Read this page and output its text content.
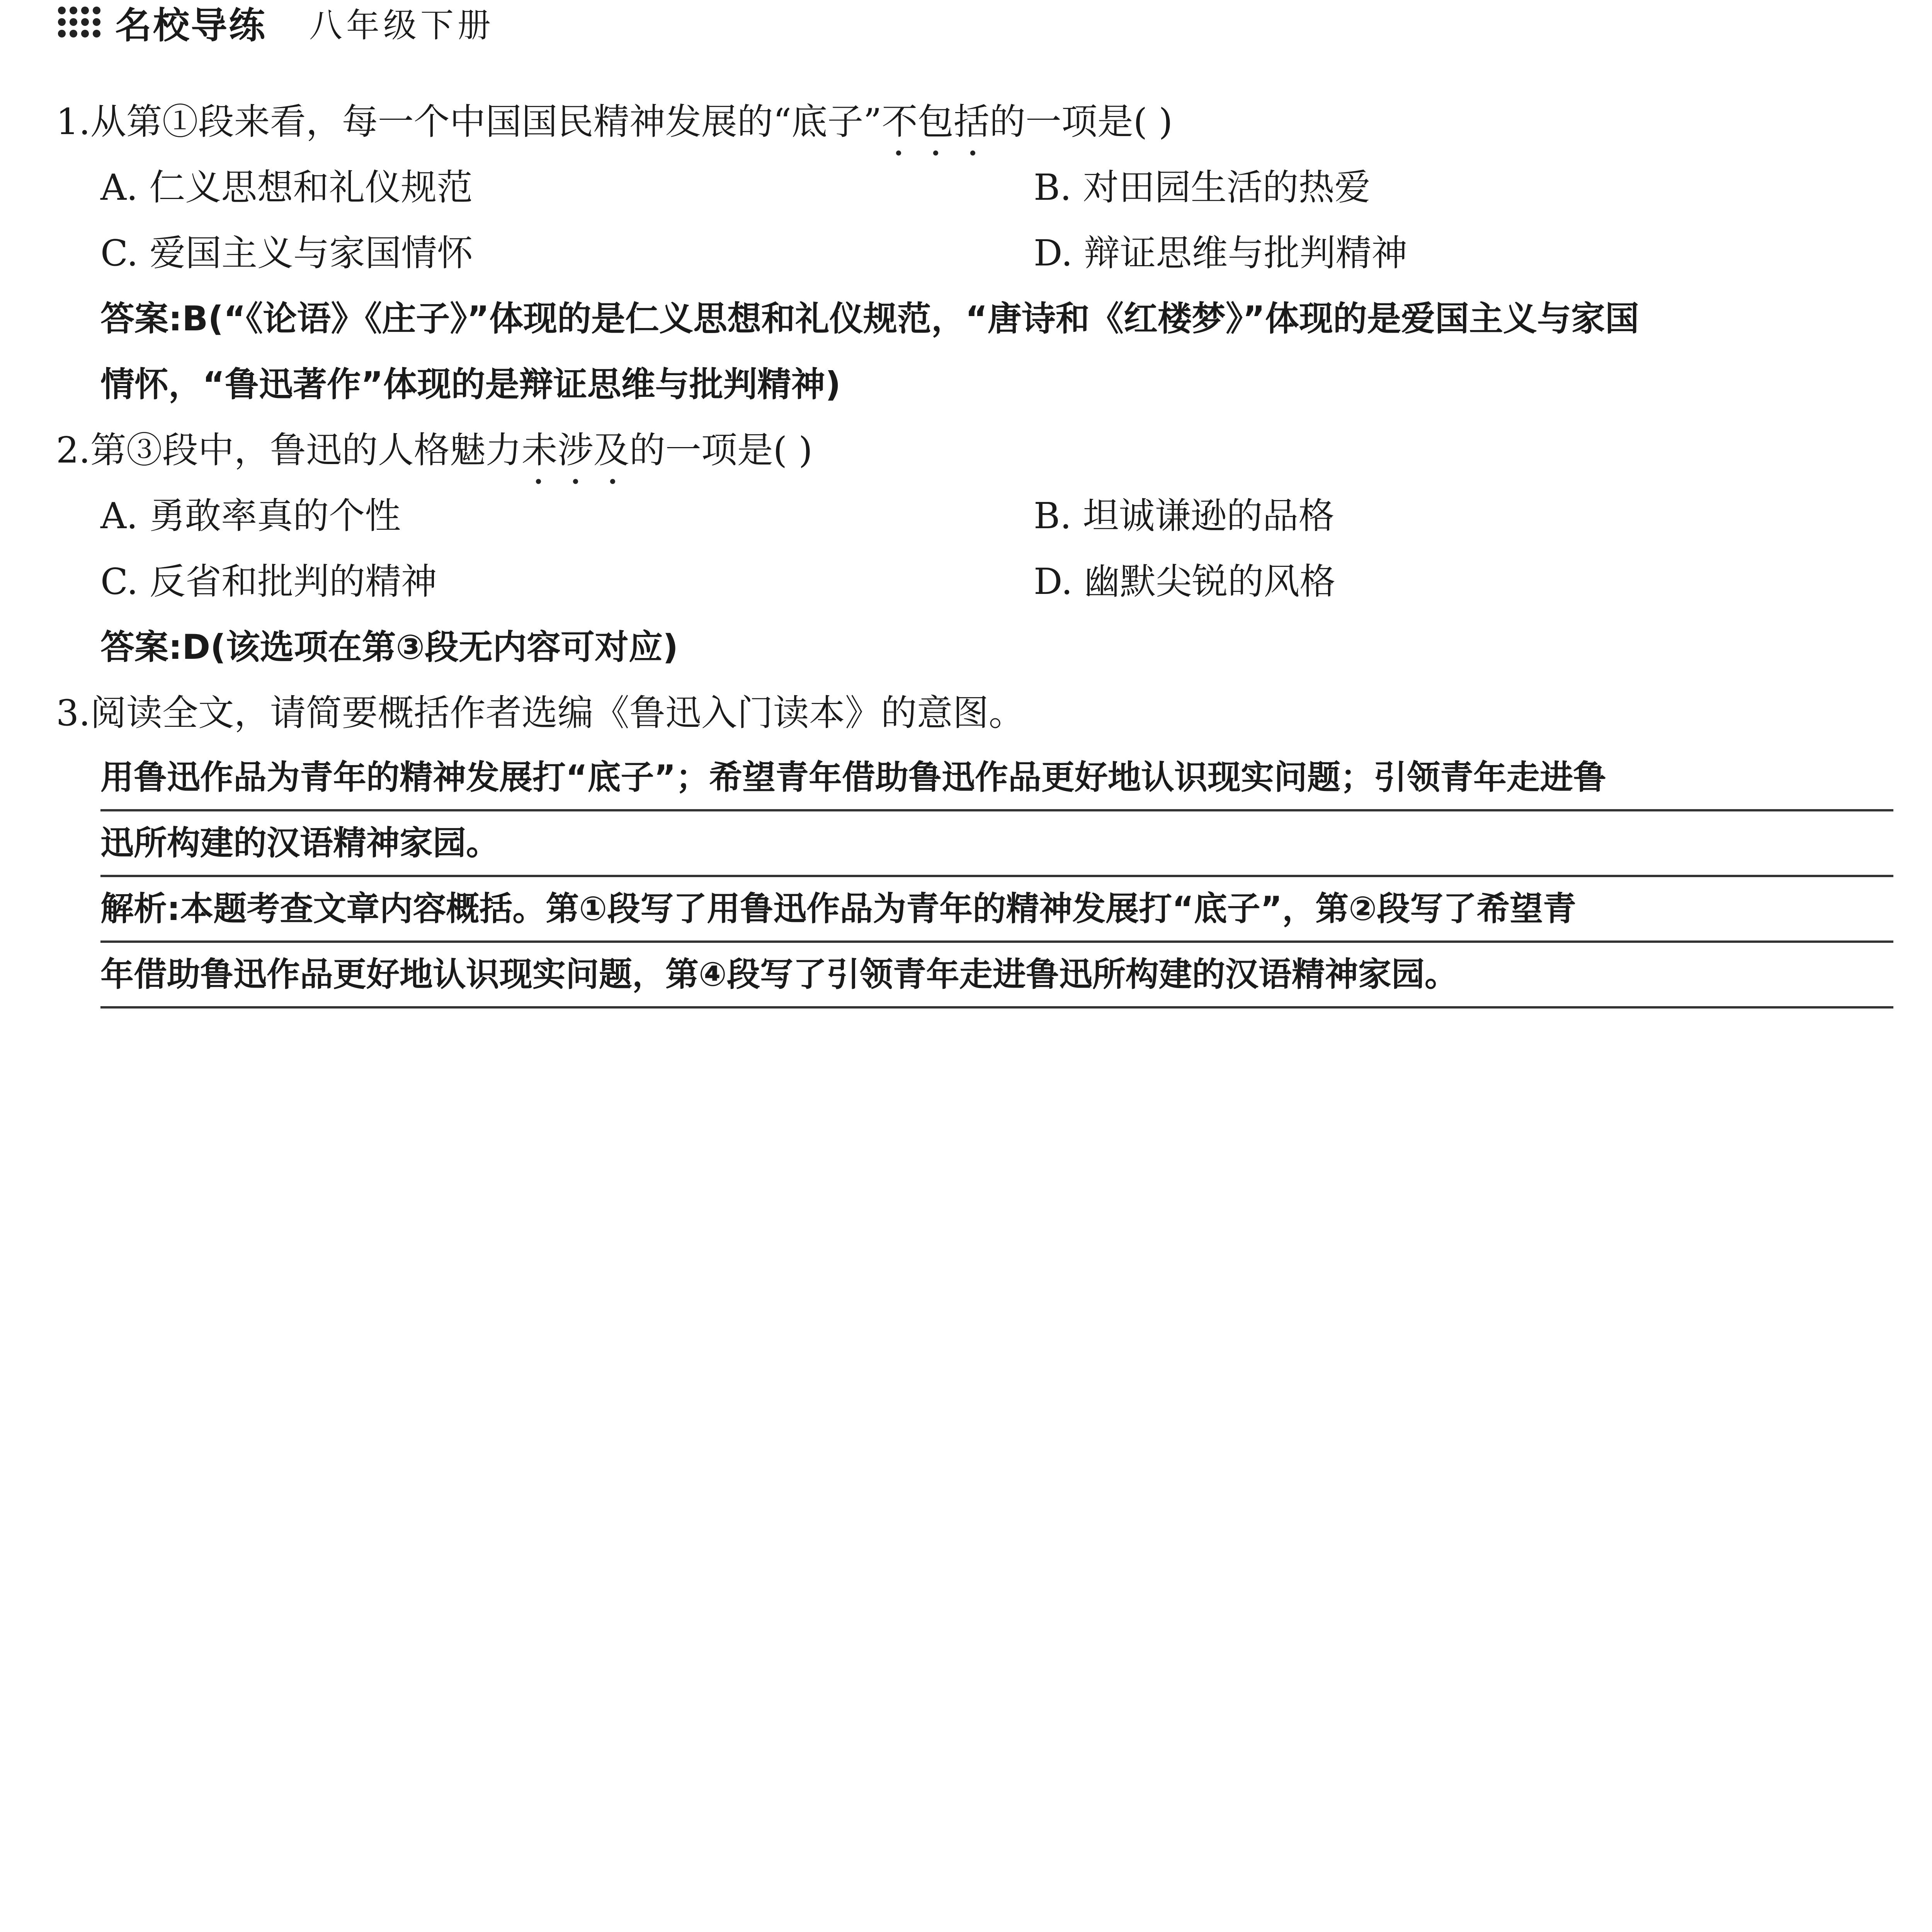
名校导练 八年级下册
1.从第①段来看，每一个中国国民精神发展的“底子”不包括的一项是( )
A. 仁义思想和礼仪规范	B. 对田园生活的热爱
C. 爱国主义与家国情怀	D. 辩证思维与批判精神

答案:B(“《论语》《庄子》”体现的是仁义思想和礼仪规范，“唐诗和《红楼梦》”体现的是爱国主义与家国

情怀，“鲁迅著作”体现的是辩证思维与批判精神)

2.第③段中，鲁迅的人格魅力未涉及的一项是( )
A. 勇敢率真的个性	B. 坦诚谦逊的品格
C. 反省和批判的精神	D. 幽默尖锐的风格

答案:D(该选项在第③段无内容可对应)

3.阅读全文，请简要概括作者选编《鲁迅入门读本》的意图。

用鲁迅作品为青年的精神发展打“底子”；希望青年借助鲁迅作品更好地认识现实问题；引领青年走进鲁

迅所构建的汉语精神家园。

解析:本题考查文章内容概括。第①段写了用鲁迅作品为青年的精神发展打“底子”，第②段写了希望青

年借助鲁迅作品更好地认识现实问题，第④段写了引领青年走进鲁迅所构建的汉语精神家园。
